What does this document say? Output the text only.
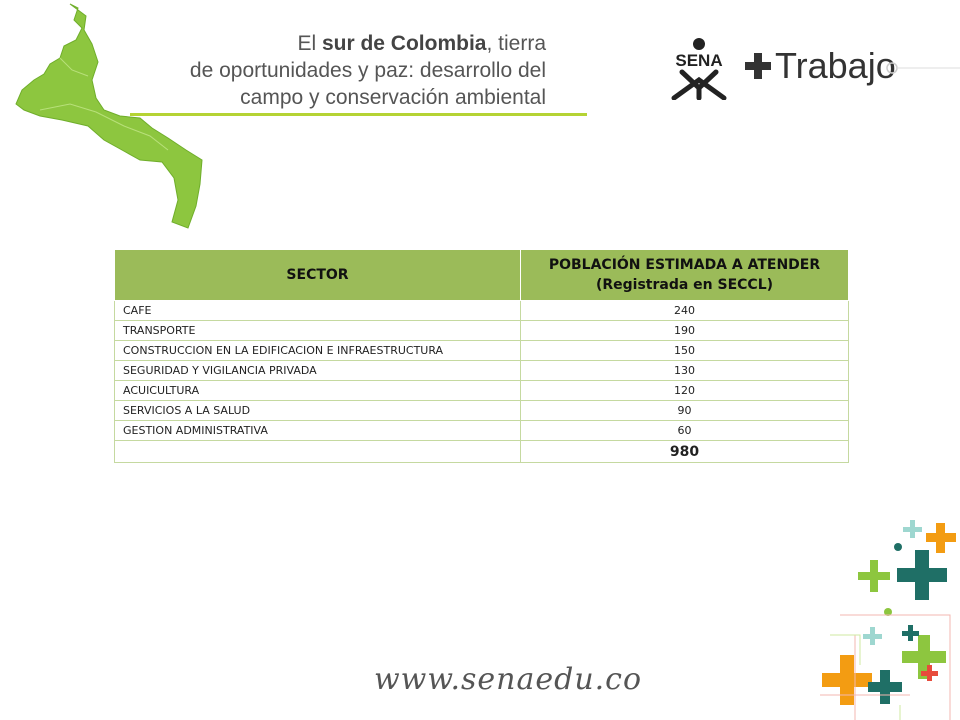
El sur de Colombia, tierra
de oportunidades y paz: desarrollo del
campo y conservación ambiental
SENA Trabajo
SECTOR	POBLACIÓN ESTIMADA A ATENDER
(Registrada en SECCL)

CAFE	240
TRANSPORTE	190
CONSTRUCCION EN LA EDIFICACION E INFRAESTRUCTURA	150
SEGURIDAD Y VIGILANCIA PRIVADA	130
ACUICULTURA	120
SERVICIOS A LA SALUD	90
GESTION ADMINISTRATIVA	60
	980
www.senaedu.co
